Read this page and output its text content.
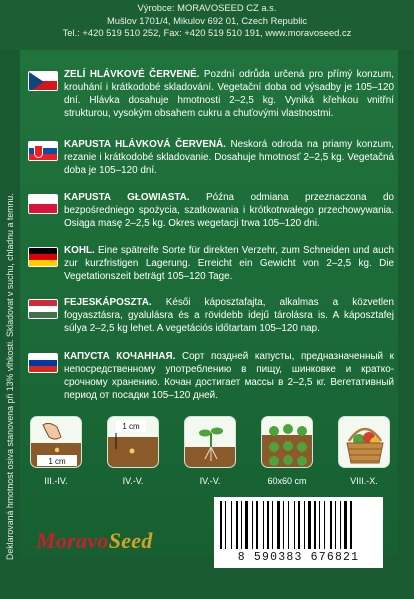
Výrobce: MORAVOSEED CZ a.s.
Mušlov 1701/4, Mikulov 692 01, Czech Republic
Tel.: +420 519 510 252, Fax: +420 519 510 191, www.moravoseed.cz
Deklarovaná hmotnost osiva stanovena při 13% vlhkosti. Skladovat v suchu, chladnu a temnu.
ZELÍ HLÁVKOVÉ ČERVENÉ. Pozdní odrůda určená pro přímý konzum, krouhání i krátkodobé skladování. Vegetační doba od výsadby je 105–120 dní. Hlávka dosahuje hmotnosti 2–2,5 kg. Vyniká křehkou vnitřní strukturou, vysokým obsahem cukru a chuťovými vlastnostmi.
KAPUSTA HLÁVKOVÁ ČERVENÁ. Neskorá odroda na priamy konzum, rezanie i krátkodobé skladovanie. Dosahuje hmotnosť 2–2,5 kg. Vegetačná doba je 105–120 dní.
KAPUSTA GŁOWIASTA. Późna odmiana przeznaczona do bezpośredniego spożycia, szatkowania i krótkotrwałego przechowywania. Osiąga masę 2–2,5 kg. Okres wegetacji trwa 105–120 dni.
KOHL. Eine spätreife Sorte für direkten Verzehr, zum Schneiden und auch zur kurzfristigen Lagerung. Erreicht ein Gewicht von 2–2,5 kg. Die Vegetationszeit beträgt 105–120 Tage.
FEJESKÁPOSZTA. Késői káposztafajta, alkalmas a közvetlen fogyasztásra, gyalulásra és a rövidebb idejű tárolásra is. A káposztafej súlya 2–2,5 kg lehet. A vegetációs időtartam 105–120 nap.
КАПУСТА КОЧАННАЯ. Сорт поздней капусты, предназначенный к непосредственному употреблению в пищу, шинковке и кратко-срочному хранению. Кочан достигает массы в 2–2,5 кг. Вегетативный период от посадки 105–120 дней.
1 cm
III.-IV.
1 cm
IV.-V.	IV.-V.	60x60 cm	VIII.-X.
MoravoSeed
8 590383 676821
